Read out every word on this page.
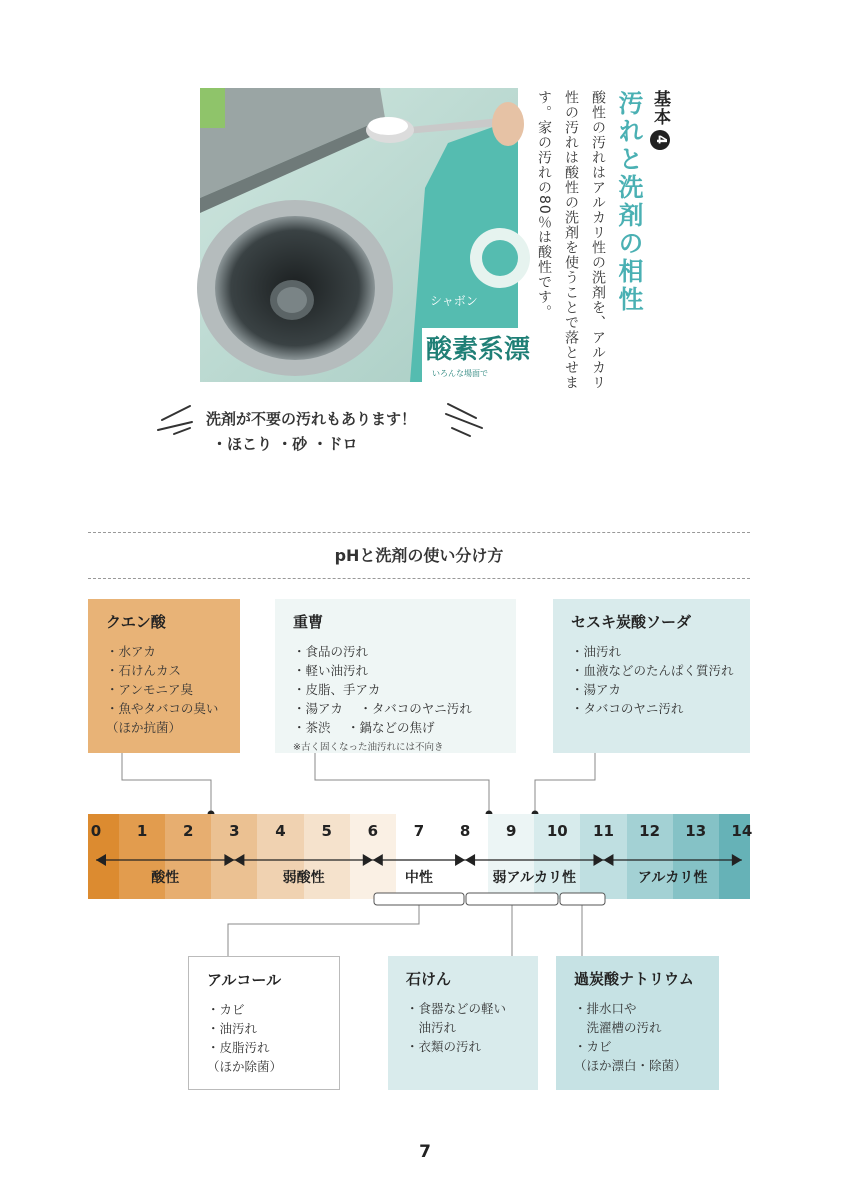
シャボン
酸素系漂
いろんな場面で
基本4
汚れと洗剤の相性
酸性の汚れはアルカリ性の洗剤を、アルカリ性の汚れは酸性の洗剤を使うことで落とせます。家の汚れの80％は酸性です。
洗剤が不要の汚れもあります！
・ほこり ・砂 ・ドロ
pHと洗剤の使い分け方
クエン酸
・水アカ
・石けんカス
・アンモニア臭
・魚やタバコの臭い
（ほか抗菌）
重曹
・食品の汚れ
・軽い油汚れ
・皮脂、手アカ
・湯アカ　 ・タバコのヤニ汚れ
・茶渋　 ・鍋などの焦げ
※古く固くなった油汚れには不向き
セスキ炭酸ソーダ
・油汚れ
・血液などのたんぱく質汚れ
・湯アカ
・タバコのヤニ汚れ
0 1 2 3 4 5 6 7 8 9 10 11 12 13 14
酸性	弱酸性	中性	弱アルカリ性	アルカリ性
アルコール
・カビ
・油汚れ
・皮脂汚れ
（ほか除菌）
石けん
・食器などの軽い
　油汚れ
・衣類の汚れ
過炭酸ナトリウム
・排水口や
　洗濯槽の汚れ
・カビ
（ほか漂白・除菌）
7
